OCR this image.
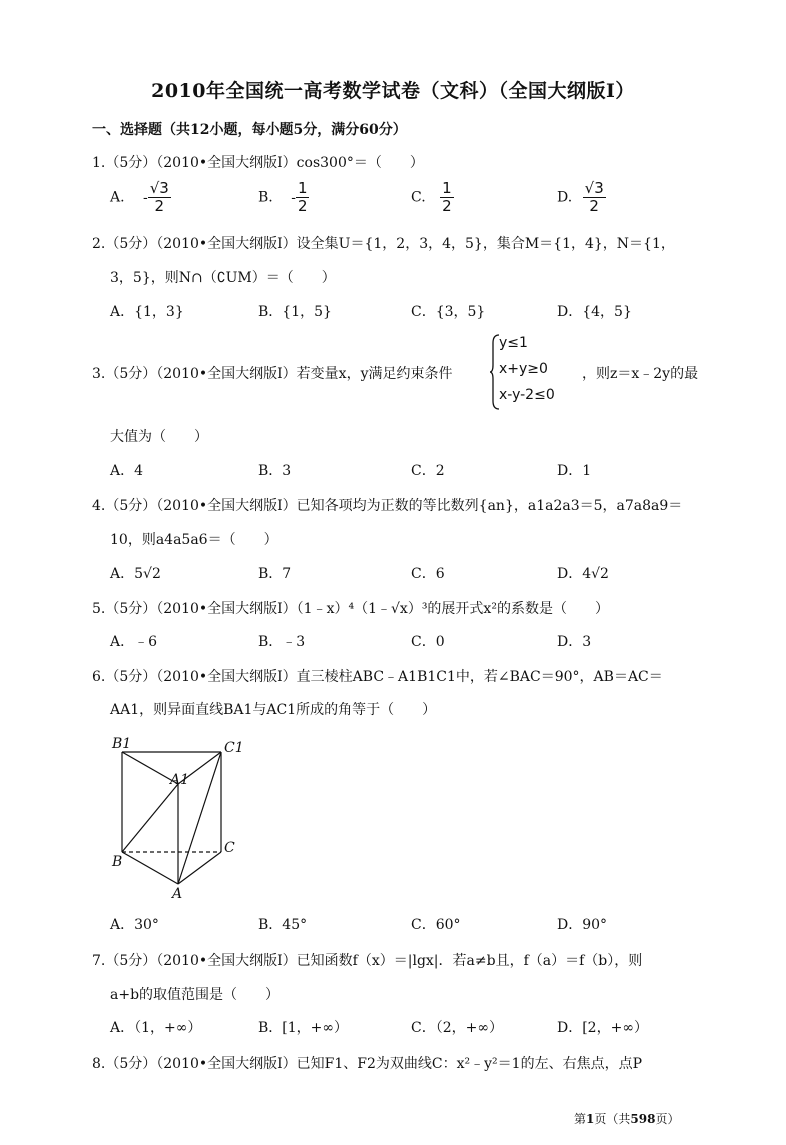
2010年全国统一高考数学试卷（文科）（全国大纲版Ⅰ）
一、选择题（共12小题，每小题5分，满分60分）
1.（5分）（2010•全国大纲版Ⅰ）cos300°＝（　　）
A. - $\frac{√3}{2}$	B. - $\frac{1}{2}$	C. $\frac{1}{2}$	D. $\frac{√3}{2}$
2.（5分）（2010•全国大纲版Ⅰ）设全集U＝{1，2，3，4，5}，集合M＝{1，4}，N＝{1，
3，5}，则N∩（∁UM）＝（　　）
A．{1，3}	B．{1，5}	C．{3，5}	D．{4，5}
3.（5分）（2010•全国大纲版Ⅰ）若变量x，y满足约束条件
y≤1
x+y≥0
x-y-2≤0
，则z＝x﹣2y的最
大值为（　　）
A．4	B．3	C．2	D．1
4.（5分）（2010•全国大纲版Ⅰ）已知各项均为正数的等比数列{an}，a1a2a3＝5，a7a8a9＝
10，则a4a5a6＝（　　）
A．5√2	B．7	C．6	D．4√2
5.（5分）（2010•全国大纲版Ⅰ）（1﹣x）⁴（1﹣√x）³的展开式x²的系数是（　　）
A．﹣6	B．﹣3	C．0	D．3
6.（5分）（2010•全国大纲版Ⅰ）直三棱柱ABC﹣A1B1C1中，若∠BAC＝90°，AB＝AC＝
AA1，则异面直线BA1与AC1所成的角等于（　　）
B1	C1
A1
B
C
A
A．30°	B．45°	C．60°	D．90°
7.（5分）（2010•全国大纲版Ⅰ）已知函数f（x）＝|lgx|．若a≠b且，f（a）＝f（b），则
a+b的取值范围是（　　）
A．（1，+∞）	B．[1，+∞）	C．（2，+∞）	D．[2，+∞）
8.（5分）（2010•全国大纲版Ⅰ）已知F1、F2为双曲线C：x²﹣y²＝1的左、右焦点，点P
第1页（共598页）
